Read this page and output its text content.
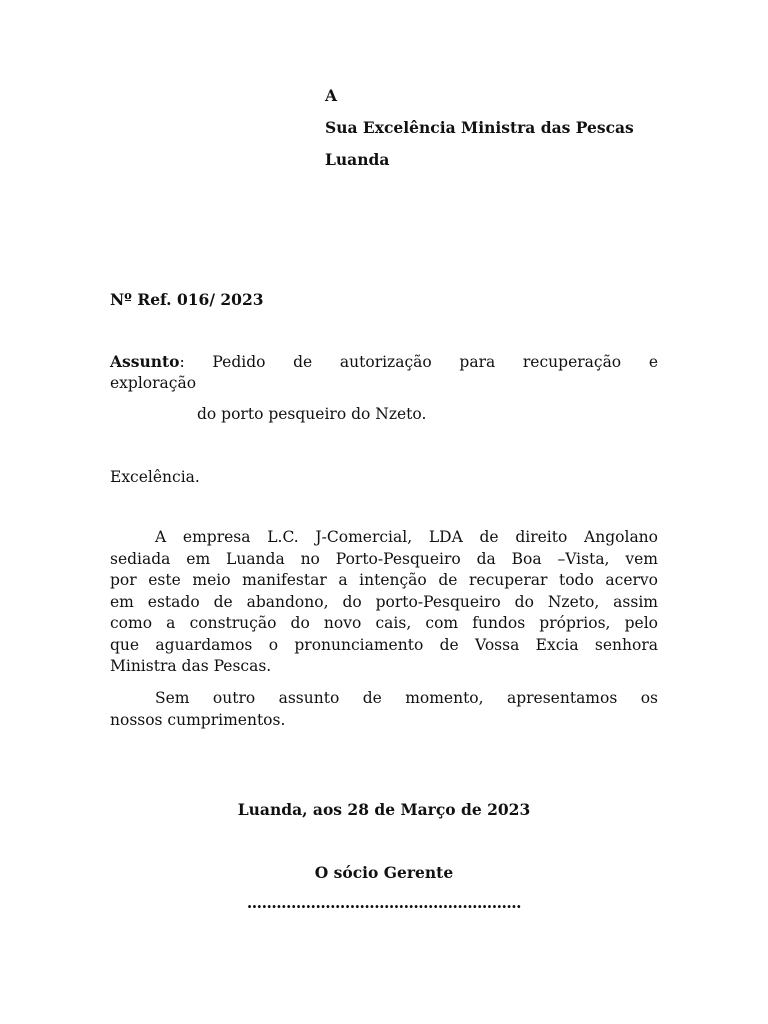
A
Sua Excelência Ministra das Pescas
Luanda
Nº Ref. 016/ 2023
Assunto: Pedido de autorização para recuperação e
exploração
do porto pesqueiro do Nzeto.
Excelência.
A empresa L.C. J-Comercial, LDA de direito Angolano
sediada em Luanda no Porto-Pesqueiro da Boa –Vista, vem
por este meio manifestar a intenção de recuperar todo acervo
em estado de abandono, do porto-Pesqueiro do Nzeto, assim
como a construção do novo cais, com fundos próprios, pelo
que aguardamos o pronunciamento de Vossa Excia senhora
Ministra das Pescas.
Sem outro assunto de momento, apresentamos os
nossos cumprimentos.
Luanda, aos 28 de Março de 2023
O sócio Gerente
........................................................
